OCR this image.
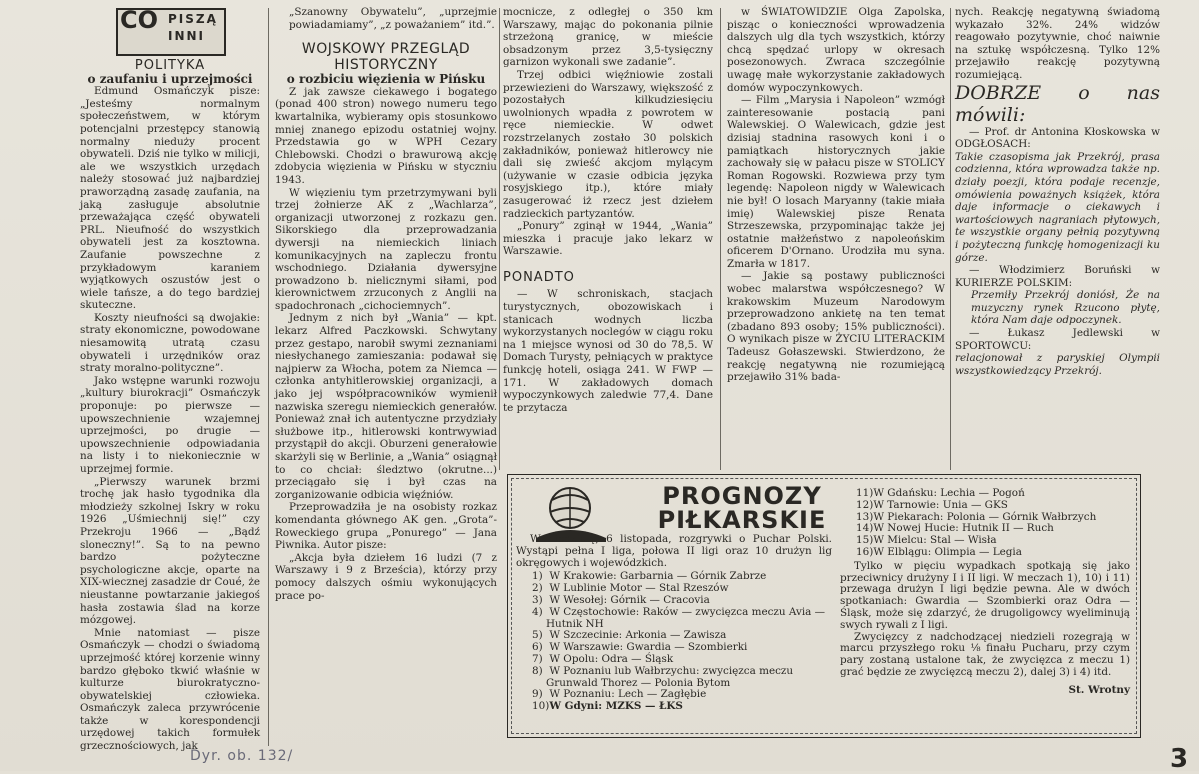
CO PISZĄ
INNI

POLITYKA

o zaufaniu i uprzejmości

Edmund Osmańczyk pisze: „Jesteśmy normalnym społeczeństwem, w którym potencjalni przestępcy stanowią normalny nieduży procent obywateli. Dziś nie tylko w milicji, ale we wszystkich urzędach należy stosować już najbardziej praworządną zasadę zaufania, na jaką zasługuje absolutnie przeważająca część obywateli PRL. Nieufność do wszystkich obywateli jest za kosztowna. Zaufanie powszechne z przykładowym karaniem wyjątkowych oszustów jest o wiele tańsze, a do tego bardziej skuteczne.

Koszty nieufności są dwojakie: straty ekonomiczne, powodowane niesamowitą utratą czasu obywateli i urzędników oraz straty moralno-polityczne”.

Jako wstępne warunki rozwoju „kultury biurokracji” Osmańczyk proponuje: po pierwsze — upowszechnienie wzajemnej uprzejmości, po drugie — upowszechnienie odpowiadania na listy i to niekoniecznie w uprzejmej formie.

„Pierwszy warunek brzmi trochę jak hasło tygodnika dla młodzieży szkolnej Iskry w roku 1926 „Uśmiechnij się!” czy Przekroju 1966 — „Bądź sloneczny!”. Są to na pewno bardzo pożyteczne psychologiczne akcje, oparte na XIX-wiecznej zasadzie dr Coué, że nieustanne powtarzanie jakiegoś hasła zostawia ślad na korze mózgowej.

Mnie natomiast — pisze Osmańczyk — chodzi o świadomą uprzejmość której korzenie winny bardzo głęboko tkwić właśnie w kulturze biurokratyczno-obywatelskiej człowieka. Osmańczyk zaleca przywrócenie także w korespondencji urzędowej takich formułek grzecznościowych, jak

„Szanowny Obywatelu”, „uprzejmie powiadamiamy”, „z poważaniem” itd.”.

WOJSKOWY PRZEGLĄD HISTORYCZNY

o rozbiciu więzienia w Pińsku

Z jak zawsze ciekawego i bogatego (ponad 400 stron) nowego numeru tego kwartalnika, wybieramy opis stosunkowo mniej znanego epizodu ostatniej wojny. Przedstawia go w WPH Cezary Chlebowski. Chodzi o brawurową akcję zdobycia więzienia w Pińsku w styczniu 1943.

W więzieniu tym przetrzymywani byli trzej żołnierze AK z „Wachlarza”, organizacji utworzonej z rozkazu gen. Sikorskiego dla przeprowadzania dywersji na niemieckich liniach komunikacyjnych na zapleczu frontu wschodniego. Działania dywersyjne prowadzono b. nielicznymi siłami, pod kierownictwem zrzuconych z Anglii na spadochronach „cichociemnych”.

Jednym z nich był „Wania” — kpt. lekarz Alfred Paczkowski. Schwytany przez gestapo, narobił swymi zeznaniami niesłychanego zamieszania: podawał się najpierw za Włocha, potem za Niemca — członka antyhitlerowskiej organizacji, a jako jej współpracowników wymienił nazwiska szeregu niemieckich generałów. Ponieważ znał ich autentyczne przydziały służbowe itp., hitlerowski kontrwywiad przystąpił do akcji. Oburzeni generałowie skarżyli się w Berlinie, a „Wania” osiągnął to co chciał: śledztwo (okrutne...) przeciągało się i był czas na zorganizowanie odbicia więźniów.

Przeprowadziła je na osobisty rozkaz komendanta głównego AK gen. „Grota”-Roweckiego grupa „Ponurego” — Jana Piwnika. Autor pisze:

„Akcja była dziełem 16 ludzi (7 z Warszawy i 9 z Brześcia), którzy przy pomocy dalszych ośmiu wykonujących prace po-

mocnicze, z odległej o 350 km Warszawy, mając do pokonania pilnie strzeżoną granicę, w mieście obsadzonym przez 3,5-tysięczny garnizon wykonali swe zadanie”.

Trzej odbici więźniowie zostali przewiezieni do Warszawy, większość z pozostałych kilkudziesięciu uwolnionych wpadła z powrotem w ręce niemieckie. W odwet rozstrzelanych zostało 30 polskich zakładników, ponieważ hitlerowcy nie dali się zwieść akcjom mylącym (używanie w czasie odbicia języka rosyjskiego itp.), które miały zasugerować iż rzecz jest dziełem radzieckich partyzantów.

„Ponury” zginął w 1944, „Wania” mieszka i pracuje jako lekarz w Warszawie.

PONADTO

— W schroniskach, stacjach turystycznych, obozowiskach i stanicach wodnych liczba wykorzystanych noclegów w ciągu roku na 1 miejsce wynosi od 30 do 78,5. W Domach Turysty, pełniących w praktyce funkcję hoteli, osiąga 241. W FWP — 171. W zakładowych domach wypoczynkowych zaledwie 77,4. Dane te przytacza

w ŚWIATOWIDZIE Olga Zapolska, pisząc o konieczności wprowadzenia dalszych ulg dla tych wszystkich, którzy chcą spędzać urlopy w okresach posezonowych. Zwraca szczególnie uwagę małe wykorzystanie zakładowych domów wypoczynkowych.

— Film „Marysia i Napoleon” wzmógł zainteresowanie postacią pani Walewskiej. O Walewicach, gdzie jest dzisiaj stadnina rasowych koni i o pamiątkach historycznych jakie zachowały się w pałacu pisze w STOLICY Roman Rogowski. Rozwiewa przy tym legendę: Napoleon nigdy w Walewicach nie był! O losach Maryanny (takie miała imię) Walewskiej pisze Renata Strzeszewska, przypominając także jej ostatnie małżeństwo z napoleońskim oficerem D'Ornano. Urodziła mu syna. Zmarła w 1817.

— Jakie są postawy publiczności wobec malarstwa współczesnego? W krakowskim Muzeum Narodowym przeprowadzono ankietę na ten temat (zbadano 893 osoby; 15% publiczności). O wynikach pisze w ŻYCIU LITERACKIM Tadeusz Gołaszewski. Stwierdzono, że reakcję negatywną nie rozumiejącą przejawiło 31% bada-

nych. Reakcję negatywną świadomą wykazało 32%. 24% widzów reagowało pozytywnie, choć naiwnie na sztukę współczesną. Tylko 12% przejawiło reakcję pozytywną rozumiejącą.

DOBRZE o nas mówili:

— Prof. dr Antonina Kłoskowska w ODGŁOSACH:

Takie czasopisma jak Przekrój, prasa codzienna, która wprowadza także np. działy poezji, która podaje recenzje, omówienia poważnych książek, która daje informacje o ciekawych i wartościowych nagraniach płytowych, te wszystkie organy pełnią pozytywną i pożyteczną funkcję homogenizacji ku górze.

— Włodzimierz Boruński w KURIERZE POLSKIM:

Przemiły Przekrój doniósł, Że na muzyczny rynek Rzucono płytę, która Nam daje odpoczynek.

— Łukasz Jedlewski w SPORTOWCU:

relacjonował z paryskiej Olympii wszystkowiedzący Przekrój.

PROGNOZY
PIŁKARSKIE
W niedzielę, 6 listopada, rozgrywki o Puchar Polski. Wystąpi pełna I liga, połowa II ligi oraz 10 drużyn lig okręgowych i wojewódzkich.
1) W Krakowie: Garbarnia — Górnik Zabrze
2) W Lublinie Motor — Stal Rzeszów
3) W Wesołej: Górnik — Cracovia
4) W Częstochowie: Raków — zwycięzca meczu Avia — Hutnik NH
5) W Szczecinie: Arkonia — Zawisza
6) W Warszawie: Gwardia — Szombierki
7) W Opolu: Odra — Śląsk
8) W Poznaniu lub Wałbrzychu: zwycięzca meczu Grunwald Thorez — Polonia Bytom
9) W Poznaniu: Lech — Zagłębie
10) W Gdyni: MZKS — ŁKS
11) W Gdańsku: Lechia — Pogoń
12) W Tarnowie: Unia — GKS
13) W Piekarach: Polonia — Górnik Wałbrzych
14) W Nowej Hucie: Hutnik II — Ruch
15) W Mielcu: Stal — Wisła
16) W Elblągu: Olimpia — Legia
Tylko w pięciu wypadkach spotkają się jako przeciwnicy drużyny I i II ligi. W meczach 1), 10) i 11) przewaga drużyn I ligi będzie pewna. Ale w dwóch spotkaniach: Gwardia — Szombierki oraz Odra — Śląsk, może się zdarzyć, że drugoligowcy wyeliminują swych rywali z I ligi.
Zwycięzcy z nadchodzącej niedzieli rozegrają w marcu przyszłego roku ⅛ finału Pucharu, przy czym pary zostaną ustalone tak, że zwycięzca z meczu 1) grać będzie ze zwycięzcą meczu 2), dalej 3) i 4) itd.
St. Wrotny
Dyr. ob. 132/	3
